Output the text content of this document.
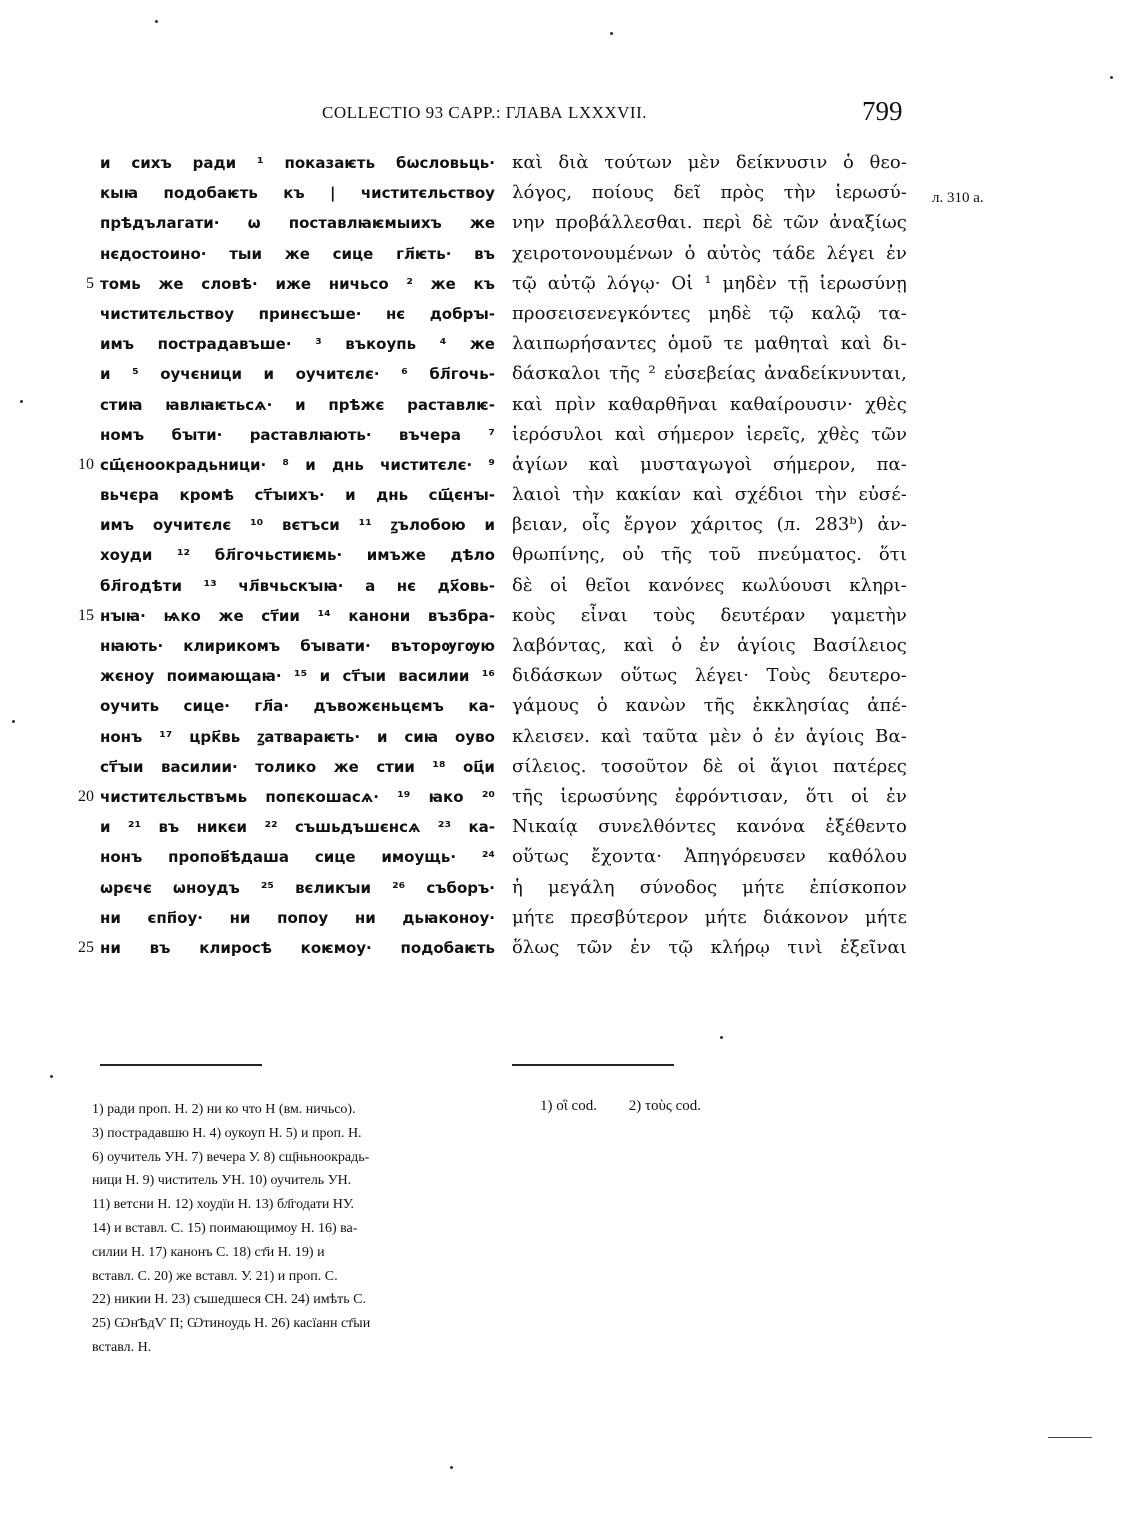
COLLECTIO 93 CAPP.: ГЛАВА LXXXVII.	799
5
10
15
20
25
и сихъ ради ¹ показаѥть бѡсловьць·
кыꙗ подобаѥть къ | чиститєльствоу
прѣдълагати· ѡ поставлꙗѥмыихъ же
нєдостоино· тыи же сице гл҃ѥть· въ
томь же словѣ· иже ничьсо ² же къ
чиститєльствоу принєсъше· нє добрꙑ-
имъ пострадавъше· ³ въкоупь ⁴ же
и ⁵ оучєници и оучитєлє· ⁶ бл҃гочь-
стиꙗ ꙗвлꙗѥтьсѧ· и прѣжє раставлѥ-
номъ бꙑти· раставлꙗють· въчера ⁷
сщ҃єноокрадьници· ⁸ и днь чиститєлє· ⁹
вьчєра кромѣ ст҃ꙑихъ· и днь сщ҃єнꙑ-
имъ оучитєлє ¹⁰ вєтъси ¹¹ ꙁълобою и
хоуди ¹² бл҃гочьстиѥмь· имъже дѣло
бл҃годѣти ¹³ чл҃вчьскꙑꙗ· а нє дх҃овь-
нꙑꙗ· ѩко же ст҃ии ¹⁴ канони възбра-
нꙗють· клирикомъ бꙑвати· въторѹгѹю
жєноу поимающаꙗ· ¹⁵ и ст҃ꙑи василии ¹⁶
оучить сице· гл҃а· дъвожєньцємъ ка-
нонъ ¹⁷ црк҃вь ꙁатвараѥть· и сиꙗ оуво
ст҃ꙑи василии· толико же стии ¹⁸ оц҃и
чиститєльствъмь попєкошасѧ· ¹⁹ ꙗко ²⁰
и ²¹ въ никєи ²² съшьдъшєнсѧ ²³ ка-
нонъ пропов҃ѣдаша сице имоущь· ²⁴
ѡрєчє ѡноудъ ²⁵ вєликꙑи ²⁶ съборъ·
ни єпп҃оу· ни попоу ни дьꙗконоу·
ни въ клиросѣ коѥмоу· подобаѥть
καὶ διὰ τούτων μὲν δείκνυσιν ὁ θεο-
λόγος, ποίους δεῖ πρὸς τὴν ἱερωσύ-
νην προβάλλεσθαι. περὶ δὲ τῶν ἀναξίως
χειροτονουμένων ὁ αὐτὸς τάδε λέγει ἐν
τῷ αὐτῷ λόγῳ· Οἱ ¹ μηδὲν τῇ ἱερωσύνῃ
προσεισενεγκόντες μηδὲ τῷ καλῷ τα-
λαιπωρήσαντες ὁμοῦ τε μαθηταὶ καὶ δι-
δάσκαλοι τῆς ² εὐσεβείας ἀναδείκνυνται,
καὶ πρὶν καθαρθῆναι καθαίρουσιν· χθὲς
ἱερόσυλοι καὶ σήμερον ἱερεῖς, χθὲς τῶν
ἁγίων καὶ μυσταγωγοὶ σήμερον, πα-
λαιοὶ τὴν κακίαν καὶ σχέδιοι τὴν εὐσέ-
βειαν, οἷς ἔργον χάριτος (л. 283ᵇ) ἀν-
θρωπίνης, οὐ τῆς τοῦ πνεύματος. ὅτι
δὲ οἱ θεῖοι κανόνες κωλύουσι κληρι-
κοὺς εἶναι τοὺς δευτέραν γαμετὴν
λαβόντας, καὶ ὁ ἐν ἁγίοις Βασίλειος
διδάσκων οὕτως λέγει· Τοὺς δευτερο-
γάμους ὁ κανὼν τῆς ἐκκλησίας ἀπέ-
κλεισεν. καὶ ταῦτα μὲν ὁ ἐν ἁγίοις Βα-
σίλειος. τοσοῦτον δὲ οἱ ἅγιοι πατέρες
τῆς ἱερωσύνης ἐφρόντισαν, ὅτι οἱ ἐν
Νικαίᾳ συνελθόντες κανόνα ἐξέθεντο
οὕτως ἔχοντα· Ἀπηγόρευσεν καθόλου
ἡ μεγάλη σύνοδος μήτε ἐπίσκοπον
μήτε πρεσβύτερον μήτε διάκονον μήτε
ὅλως τῶν ἐν τῷ κλήρῳ τινὶ ἐξεῖναι
л. 310 a.
1) ради проп. Н. 2) ни ко что Н (вм. ничьсо).
3) пострадавшю Н. 4) оукоуп Н. 5) и проп. Н.
6) оучитель УН. 7) вечера У. 8) сщ҃ньноокрадь-
ници Н. 9) чиститель УН. 10) оучитель УН.
11) ветсни Н. 12) хоудїи Н. 13) бл҃годати НУ.
14) и вставл. С. 15) поимающимоу Н. 16) ва-
силии Н. 17) канонъ С. 18) ст҃и Н. 19) и
вставл. С. 20) же вставл. У. 21) и проп. С.
22) никии Н. 23) съшедшеся СН. 24) имѣть С.
25) ѠнѢдѴ П; Ѡтиноудь Н. 26) касїанн ст҃ыи
вставл. Н.
1) οἳ cod. 2) τοὺς cod.
